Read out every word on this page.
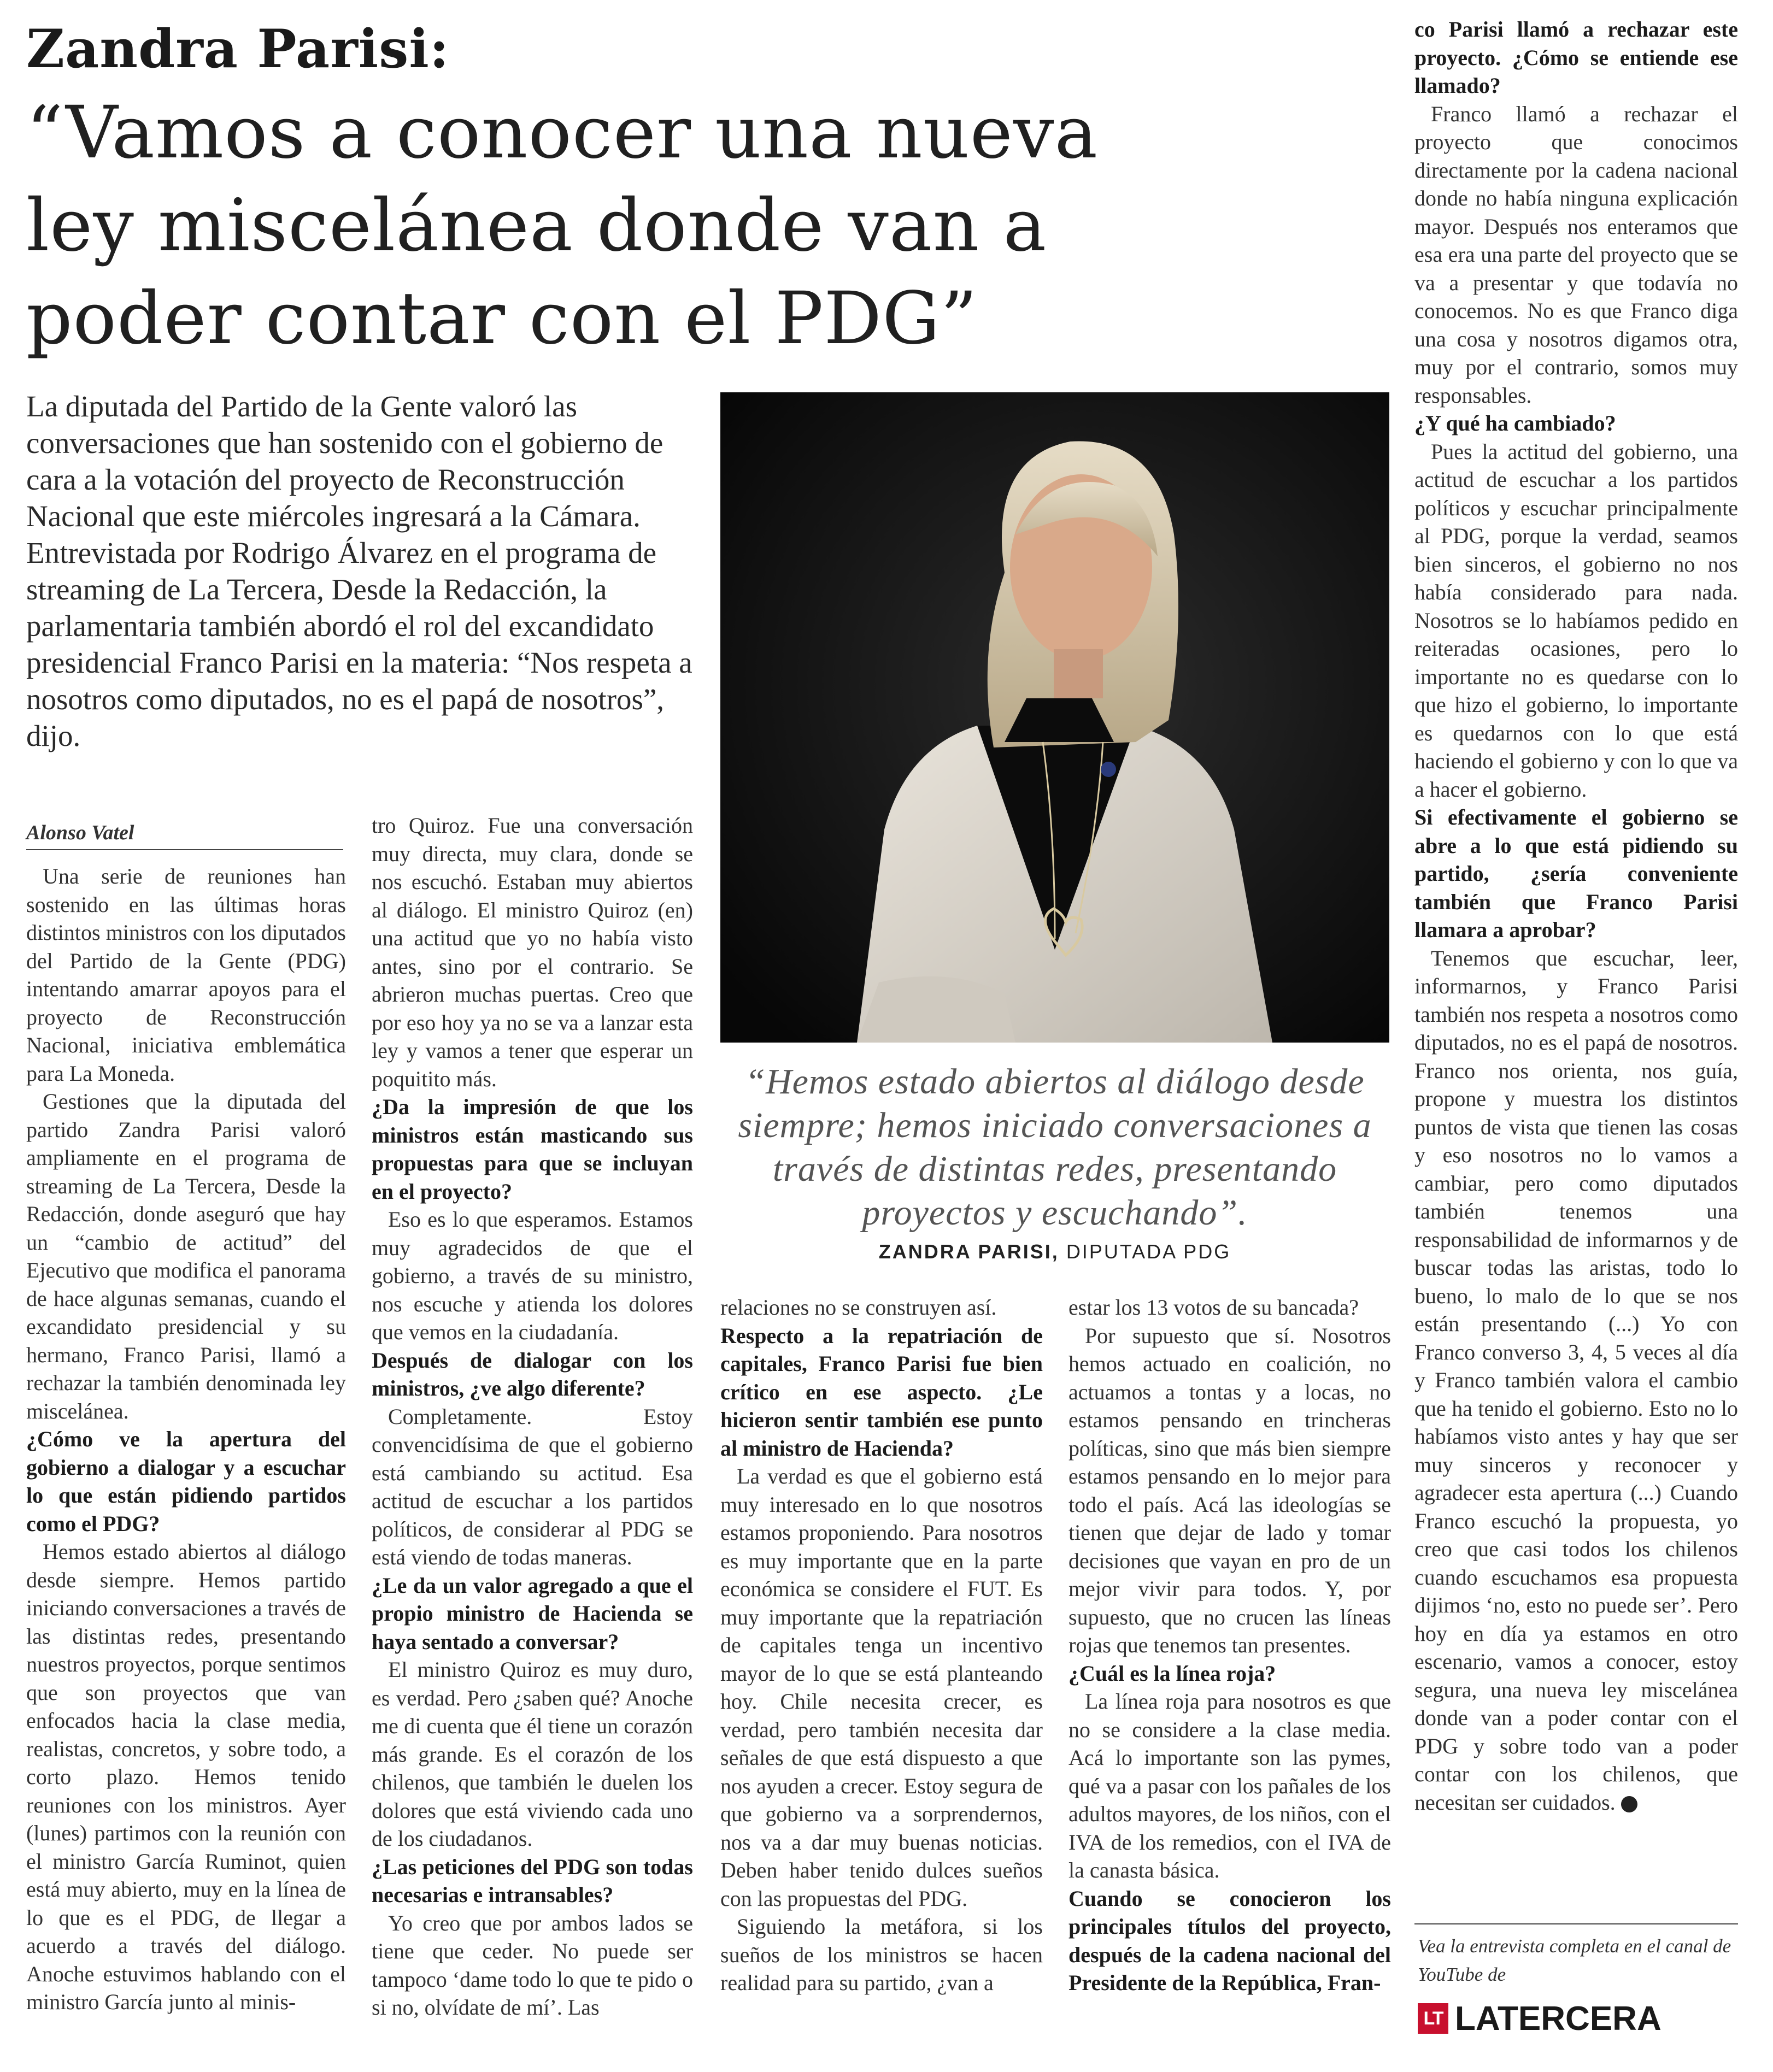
Zandra Parisi:
“Vamos a conocer una nueva ley miscelánea donde van a poder contar con el PDG”
La diputada del Partido de la Gente valoró las conversaciones que han sostenido con el gobierno de cara a la votación del proyecto de Reconstrucción Nacional que este miércoles ingresará a la Cámara. Entrevistada por Rodrigo Álvarez en el programa de streaming de La Tercera, Desde la Redacción, la parlamentaria también abordó el rol del excandidato presidencial Franco Parisi en la materia: “Nos respeta a nosotros como diputados, no es el papá de nosotros”, dijo.
“Hemos estado abiertos al diálogo desde siempre; hemos iniciado conversaciones a través de distintas redes, presentando proyectos y escuchando”.
ZANDRA PARISI, DIPUTADA PDG
Alonso Vatel

Una serie de reuniones han sostenido en las últimas horas distintos ministros con los diputados del Partido de la Gente (PDG) intentando amarrar apoyos para el proyecto de Reconstrucción Nacional, iniciativa emblemática para La Moneda.

Gestiones que la diputada del partido Zandra Parisi valoró ampliamente en el programa de streaming de La Tercera, Desde la Redacción, donde aseguró que hay un “cambio de actitud” del Ejecutivo que modifica el panorama de hace algunas semanas, cuando el excandidato presidencial y su hermano, Franco Parisi, llamó a rechazar la también denominada ley miscelánea.

¿Cómo ve la apertura del gobierno a dialogar y a escuchar lo que están pidiendo partidos como el PDG?

Hemos estado abiertos al diálogo desde siempre. Hemos partido iniciando conversaciones a través de las distintas redes, presentando nuestros proyectos, porque sentimos que son proyectos que van enfocados hacia la clase media, realistas, concretos, y sobre todo, a corto plazo. Hemos tenido reuniones con los ministros. Ayer (lunes) partimos con la reunión con el ministro García Ruminot, quien está muy abierto, muy en la línea de lo que es el PDG, de llegar a acuerdo a través del diálogo. Anoche estuvimos hablando con el ministro García junto al minis-

tro Quiroz. Fue una conversación muy directa, muy clara, donde se nos escuchó. Estaban muy abiertos al diálogo. El ministro Quiroz (en) una actitud que yo no había visto antes, sino por el contrario. Se abrieron muchas puertas. Creo que por eso hoy ya no se va a lanzar esta ley y vamos a tener que esperar un poquitito más.

¿Da la impresión de que los ministros están masticando sus propuestas para que se incluyan en el proyecto?

Eso es lo que esperamos. Estamos muy agradecidos de que el gobierno, a través de su ministro, nos escuche y atienda los dolores que vemos en la ciudadanía.

Después de dialogar con los ministros, ¿ve algo diferente?

Completamente. Estoy convencidísima de que el gobierno está cambiando su actitud. Esa actitud de escuchar a los partidos políticos, de considerar al PDG se está viendo de todas maneras.

¿Le da un valor agregado a que el propio ministro de Hacienda se haya sentado a conversar?

El ministro Quiroz es muy duro, es verdad. Pero ¿saben qué? Anoche me di cuenta que él tiene un corazón más grande. Es el corazón de los chilenos, que también le duelen los dolores que está viviendo cada uno de los ciudadanos.

¿Las peticiones del PDG son todas necesarias e intransables?

Yo creo que por ambos lados se tiene que ceder. No puede ser tampoco ‘dame todo lo que te pido o si no, olvídate de mí’. Las

relaciones no se construyen así.

Respecto a la repatriación de capitales, Franco Parisi fue bien crítico en ese aspecto. ¿Le hicieron sentir también ese punto al ministro de Hacienda?

La verdad es que el gobierno está muy interesado en lo que nosotros estamos proponiendo. Para nosotros es muy importante que en la parte económica se considere el FUT. Es muy importante que la repatriación de capitales tenga un incentivo mayor de lo que se está planteando hoy. Chile necesita crecer, es verdad, pero también necesita dar señales de que está dispuesto a que nos ayuden a crecer. Estoy segura de que gobierno va a sorprendernos, nos va a dar muy buenas noticias. Deben haber tenido dulces sueños con las propuestas del PDG.

Siguiendo la metáfora, si los sueños de los ministros se hacen realidad para su partido, ¿van a

estar los 13 votos de su bancada?

Por supuesto que sí. Nosotros hemos actuado en coalición, no actuamos a tontas y a locas, no estamos pensando en trincheras políticas, sino que más bien siempre estamos pensando en lo mejor para todo el país. Acá las ideologías se tienen que dejar de lado y tomar decisiones que vayan en pro de un mejor vivir para todos. Y, por supuesto, que no crucen las líneas rojas que tenemos tan presentes.

¿Cuál es la línea roja?

La línea roja para nosotros es que no se considere a la clase media. Acá lo importante son las pymes, qué va a pasar con los pañales de los adultos mayores, de los niños, con el IVA de los remedios, con el IVA de la canasta básica.

Cuando se conocieron los principales títulos del proyecto, después de la cadena nacional del Presidente de la República, Fran-

co Parisi llamó a rechazar este proyecto. ¿Cómo se entiende ese llamado?

Franco llamó a rechazar el proyecto que conocimos directamente por la cadena nacional donde no había ninguna explicación mayor. Después nos enteramos que esa era una parte del proyecto que se va a presentar y que todavía no conocemos. No es que Franco diga una cosa y nosotros digamos otra, muy por el contrario, somos muy responsables.

¿Y qué ha cambiado?

Pues la actitud del gobierno, una actitud de escuchar a los partidos políticos y escuchar principalmente al PDG, porque la verdad, seamos bien sinceros, el gobierno no nos había considerado para nada. Nosotros se lo habíamos pedido en reiteradas ocasiones, pero lo importante no es quedarse con lo que hizo el gobierno, lo importante es quedarnos con lo que está haciendo el gobierno y con lo que va a hacer el gobierno.

Si efectivamente el gobierno se abre a lo que está pidiendo su partido, ¿sería conveniente también que Franco Parisi llamara a aprobar?

Tenemos que escuchar, leer, informarnos, y Franco Parisi también nos respeta a nosotros como diputados, no es el papá de nosotros. Franco nos orienta, nos guía, propone y muestra los distintos puntos de vista que tienen las cosas y eso nosotros no lo vamos a cambiar, pero como diputados también tenemos una responsabilidad de informarnos y de buscar todas las aristas, todo lo bueno, lo malo de lo que se nos están presentando (...) Yo con Franco converso 3, 4, 5 veces al día y Franco también valora el cambio que ha tenido el gobierno. Esto no lo habíamos visto antes y hay que ser muy sinceros y reconocer y agradecer esta apertura (...) Cuando Franco escuchó la propuesta, yo creo que casi todos los chilenos cuando escuchamos esa propuesta dijimos ‘no, esto no puede ser’. Pero hoy en día ya estamos en otro escenario, vamos a conocer, estoy segura, una nueva ley miscelánea donde van a poder contar con el PDG y sobre todo van a poder contar con los chilenos, que necesitan ser cuidados. 8

Vea la entrevista completa en el canal de YouTube de
LT LATERCERA
